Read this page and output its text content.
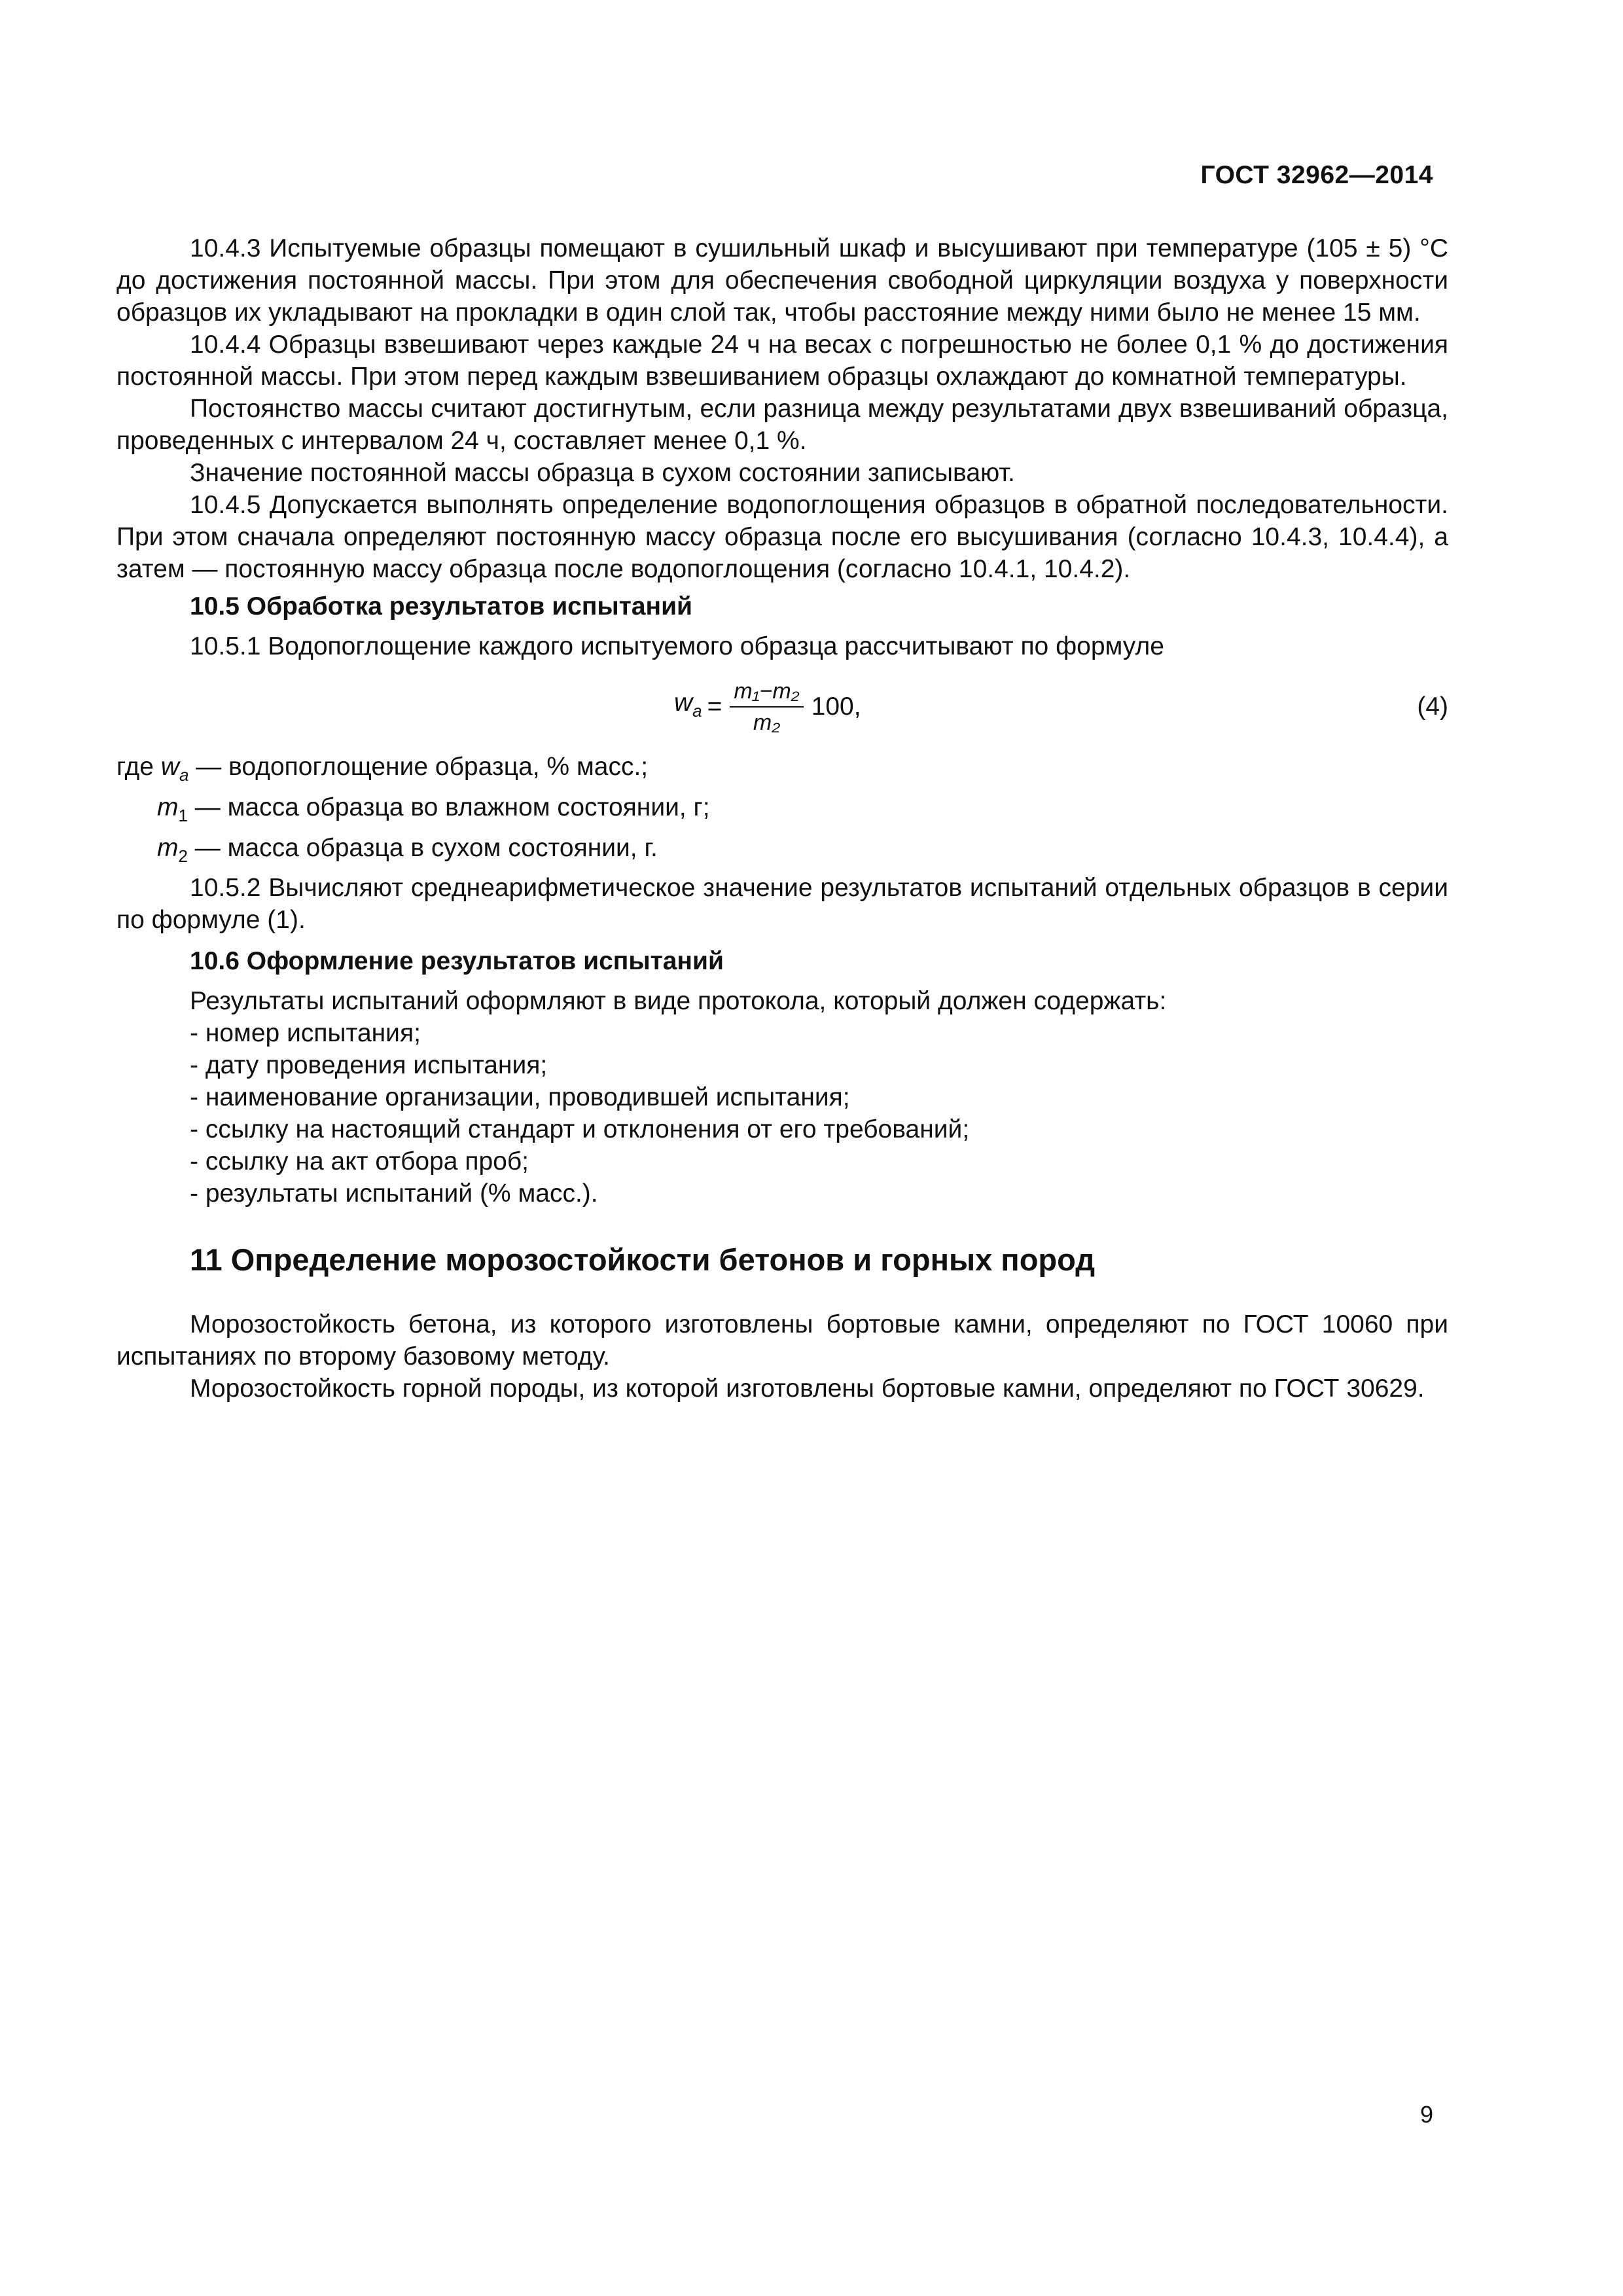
ГОСТ 32962—2014

10.4.3 Испытуемые образцы помещают в сушильный шкаф и высушивают при температуре (105 ± 5) °С до достижения постоянной массы. При этом для обеспечения свободной циркуляции воздуха у поверхности образцов их укладывают на прокладки в один слой так, чтобы расстояние между ними было не менее 15 мм.

10.4.4 Образцы взвешивают через каждые 24 ч на весах с погрешностью не более 0,1 % до достижения постоянной массы. При этом перед каждым взвешиванием образцы охлаждают до комнатной температуры.

Постоянство массы считают достигнутым, если разница между результатами двух взвешиваний образца, проведенных с интервалом 24 ч, составляет менее 0,1 %.

Значение постоянной массы образца в сухом состоянии записывают.

10.4.5 Допускается выполнять определение водопоглощения образцов в обратной последовательности. При этом сначала определяют постоянную массу образца после его высушивания (согласно 10.4.3, 10.4.4), а затем — постоянную массу образца после водопоглощения (согласно 10.4.1, 10.4.2).

10.5 Обработка результатов испытаний

10.5.1 Водопоглощение каждого испытуемого образца рассчитывают по формуле

$w_a = \frac{\text{m₁−m₂}}{\text{m₂}} 100$,	(4)
где $w_a$ — водопоглощение образца, % масс.;
$m_1$ — масса образца во влажном состоянии, г;
$m_2$ — масса образца в сухом состоянии, г.

10.5.2 Вычисляют среднеарифметическое значение результатов испытаний отдельных образцов в серии по формуле (1).

10.6 Оформление результатов испытаний
Результаты испытаний оформляют в виде протокола, который должен содержать:
- номер испытания;
- дату проведения испытания;
- наименование организации, проводившей испытания;
- ссылку на настоящий стандарт и отклонения от его требований;
- ссылку на акт отбора проб;
- результаты испытаний (% масс.).
11 Определение морозостойкости бетонов и горных пород

Морозостойкость бетона, из которого изготовлены бортовые камни, определяют по ГОСТ 10060 при испытаниях по второму базовому методу.

Морозостойкость горной породы, из которой изготовлены бортовые камни, определяют по ГОСТ 30629.

9
